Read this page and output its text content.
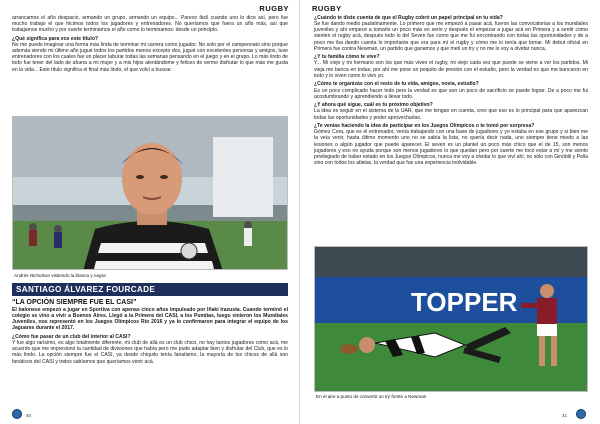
RUGBY

arrancamos el año despacio, armando un grupo, armando un equipo... Parece fácil cuando uno lo dice así, pero fue mucho trabajo el que hicimos todos los jugadores y entrenadores. No queríamos que fuera un año más, así que trabajamos mucho y por suerte terminamos el año como lo terminamos: desde un principio.

¿Qué significa para vos este título?

No me puedo imaginar una forma más linda de terminar mi carrera como jugador. No solo por el campeonato sino porque además siendo mi último año jugué todos los partidos menos excepto dos, jugué con excelentes personas y amigos, tuve entrenadores con los cuales fue un placer laburar todas las semanas pensando en el juego y en el grupo. Lo más lindo de todo fue tener del lado de afuera a mi mujer y a mis hijos alentándome y felices de verme disfrutar lo que más me gusta en la vida... Este título significa el final más lindo, el que volví a buscar.

Andrés Nicholson vistiendo la blanca y negra
SANTIAGO ÁLVAREZ FOURCADE
“LA OPCIÓN SIEMPRE FUE EL CASI”

El balonese empezó a jugar en Sportiva con apenas cinco años impulsado por Iñaki Irazusta. Cuando terminó el colegio se vino a vivir a Buenos Aires. Llegó a la Primera del CASI, a los Pumitas, luego vinieron los Mundiales Juveniles, nos representó en los Juegos Olímpicos Río 2016 y ya lo confirmaron para integrar el equipo de los Jaguares durante el 2017.

¿Cómo fue pasar de un club del interior al CASI?

Y fue algo rarísimo, es algo totalmente diferente, mi club de allá es un club chico, no hay tantos jugadores como acá, me acuerdo que me impresionó la cantidad de divisiones que había pero me pude adaptar bien y disfrutar del Club, que es lo más lindo. La opción siempre fue el CASI, ya desde chiquito tenía fanatismo, la mayoría de los chicos de allá son fanáticos del CASI y todos sabíamos que queríamos venir acá.

40
RUGBY
¿Cuándo te diste cuenta de que el Rugby cobró un papel principal en tu vida?

Se fue dando medio paulatinamente. Lo primero que me empezó a pasar acá, fueron las convocatorias a los mundiales juveniles y ahí empecé a tomarlo un poco más en serio y después el empezar a jugar acá en Primera y a sentir como sienten el rugby acá, después todo lo del Seven fue como que me fui encontrando con todas las oportunidades y de a poco me iba dando cuenta lo importante que era para mí el rugby y cómo me lo tenía que tomar. Mi debut oficial en Primera fue contra Newman, un partido que ganamos y que metí un try y no me lo voy a olvidar nunca.

¿Y tu familia cómo te vive?

Y... Mi viejo y mi hermano son los que más viven el rugby, mi viejo cada vez que puede se viene a ver los partidos. Mi vieja me banca en todas, por ahí me pone un poquito de presión con el estudio, pero la verdad es que me bancaron en todo y lo viven como lo vivo yo.

¿Cómo te organizás con el resto de tu vida, amigos, novia, estudio?

Es un poco complicado hacer todo pero la verdad es que son un poco de sacrificio se puede lograr. De a poco me fui acostumbrando y aprendiendo a llevar todo.

¿Y ahora qué sigue, cuál es tu próximo objetivo?

La idea es seguir en el sistema de la UAR, que me tengan en cuenta, creo que eso es lo principal para que aparezcan todas las oportunidades y poder aprovecharlas.

¿Te venías haciendo la idea de participar en los Juegos Olímpicos o te tomó por sorpresa?

Gómez Cora, que es el entrenador, venía trabajando con una base de jugadores y yo estaba en ese grupo y si bien me la veía venir, hasta último momento uno no se sabía la lista, no quería decir nada, uno siempre tiene miedo a las lesiones o algún jugador que puede aparecer. El seven es un plantel un poco más chico que el de 15, son menos jugadores y eso no ayuda porque son menos jugadores lo que quedan pero por suerte me tocó estar a mí y me siento privilegiado de haber estado en los Juegos Olímpicos, nunca me voy a olvidar lo que viví ahí, no sólo con Ginóbili y Pella sino con todos los atletas, la verdad que fue una experiencia inolvidable.

TOPPER
En el aire a punto de convertir un try frente a Newman
41
